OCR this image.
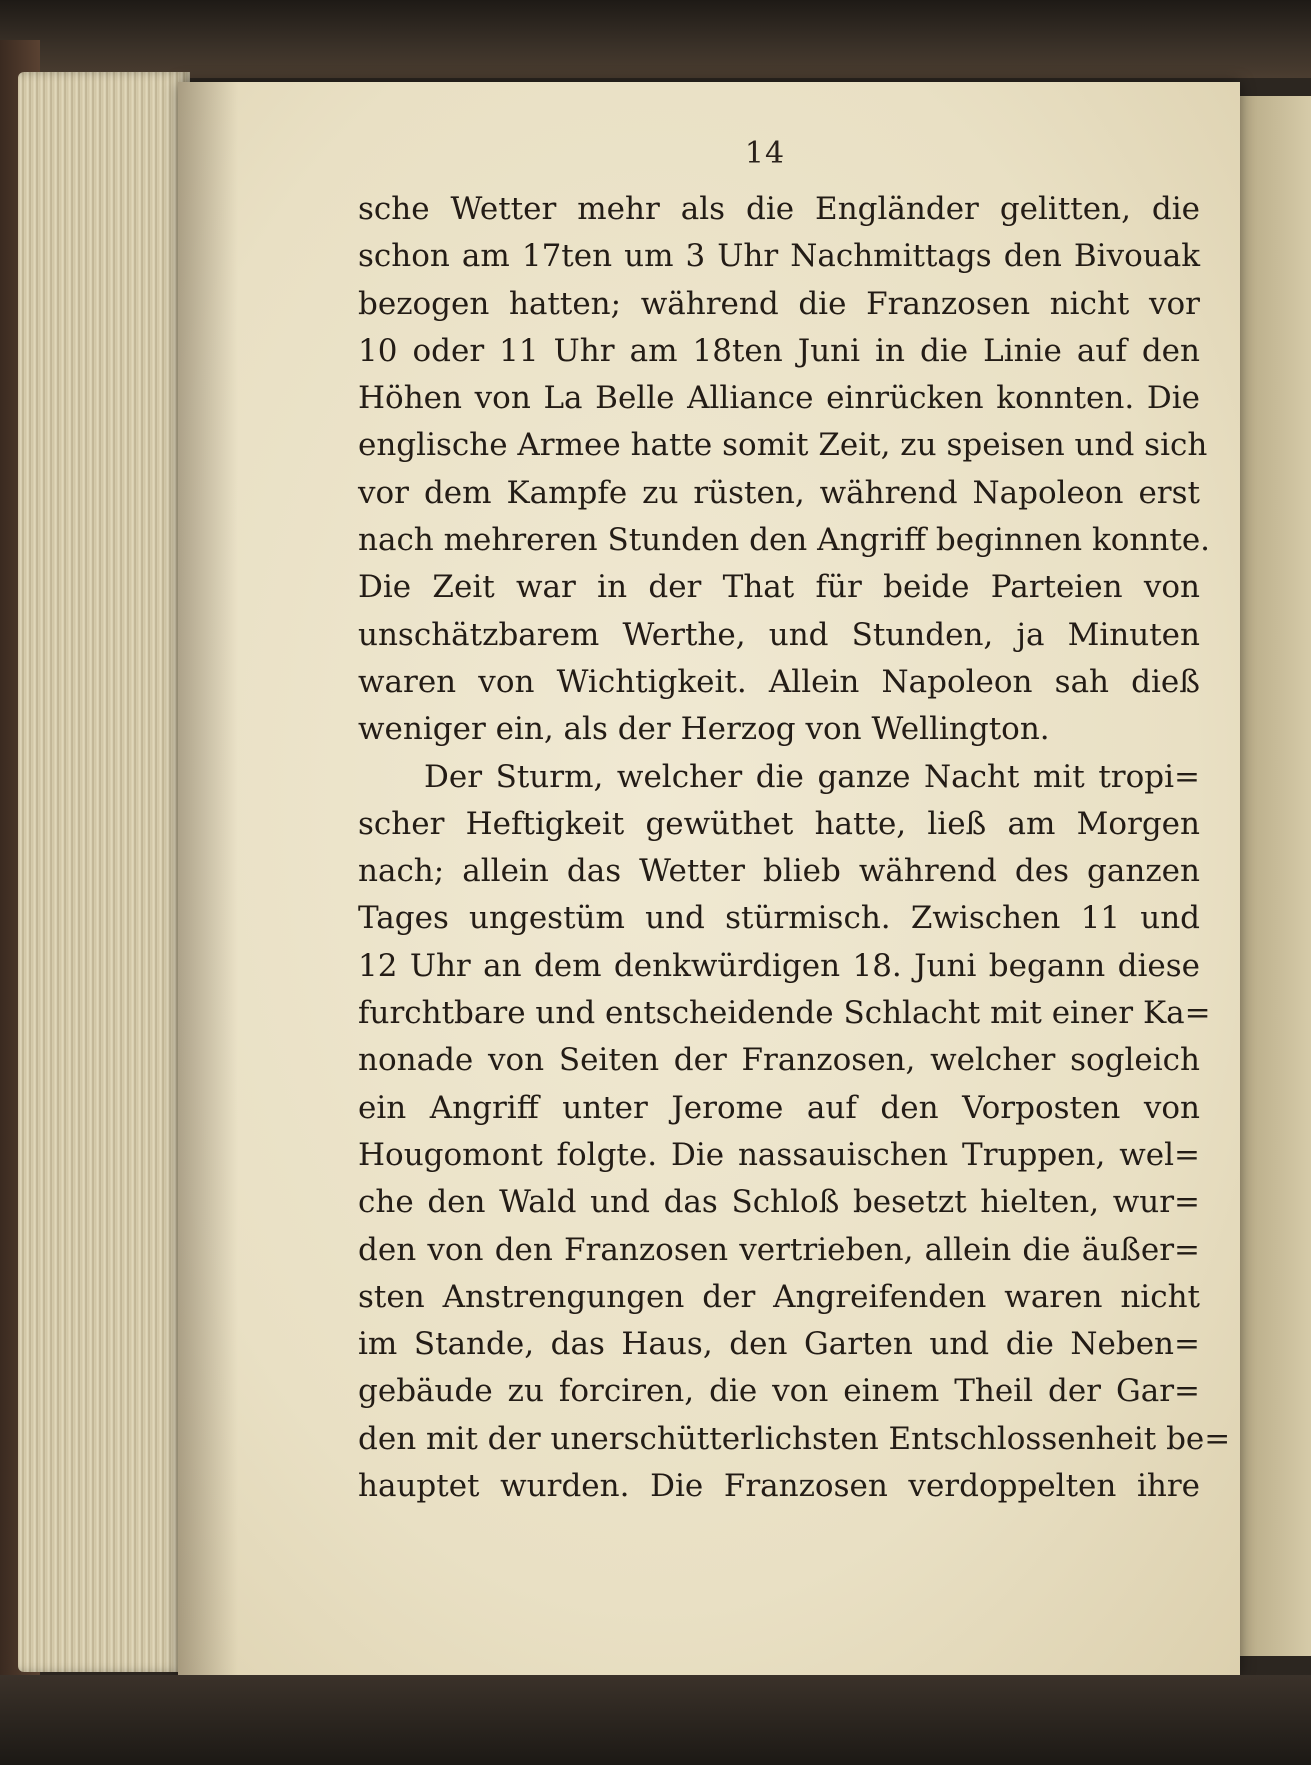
14
sche Wetter mehr als die Engländer gelitten, die
schon am 17ten um 3 Uhr Nachmittags den Bivouak
bezogen hatten; während die Franzosen nicht vor
10 oder 11 Uhr am 18ten Juni in die Linie auf den
Höhen von La Belle Alliance einrücken konnten. Die
englische Armee hatte somit Zeit, zu speisen und sich
vor dem Kampfe zu rüsten, während Napoleon erst
nach mehreren Stunden den Angriff beginnen konnte.
Die Zeit war in der That für beide Parteien von
unschätzbarem Werthe, und Stunden, ja Minuten
waren von Wichtigkeit. Allein Napoleon sah dieß
weniger ein, als der Herzog von Wellington.
Der Sturm, welcher die ganze Nacht mit tropi=
scher Heftigkeit gewüthet hatte, ließ am Morgen
nach; allein das Wetter blieb während des ganzen
Tages ungestüm und stürmisch. Zwischen 11 und
12 Uhr an dem denkwürdigen 18. Juni begann diese
furchtbare und entscheidende Schlacht mit einer Ka=
nonade von Seiten der Franzosen, welcher sogleich
ein Angriff unter Jerome auf den Vorposten von
Hougomont folgte. Die nassauischen Truppen, wel=
che den Wald und das Schloß besetzt hielten, wur=
den von den Franzosen vertrieben, allein die äußer=
sten Anstrengungen der Angreifenden waren nicht
im Stande, das Haus, den Garten und die Neben=
gebäude zu forciren, die von einem Theil der Gar=
den mit der unerschütterlichsten Entschlossenheit be=
hauptet wurden. Die Franzosen verdoppelten ihre
